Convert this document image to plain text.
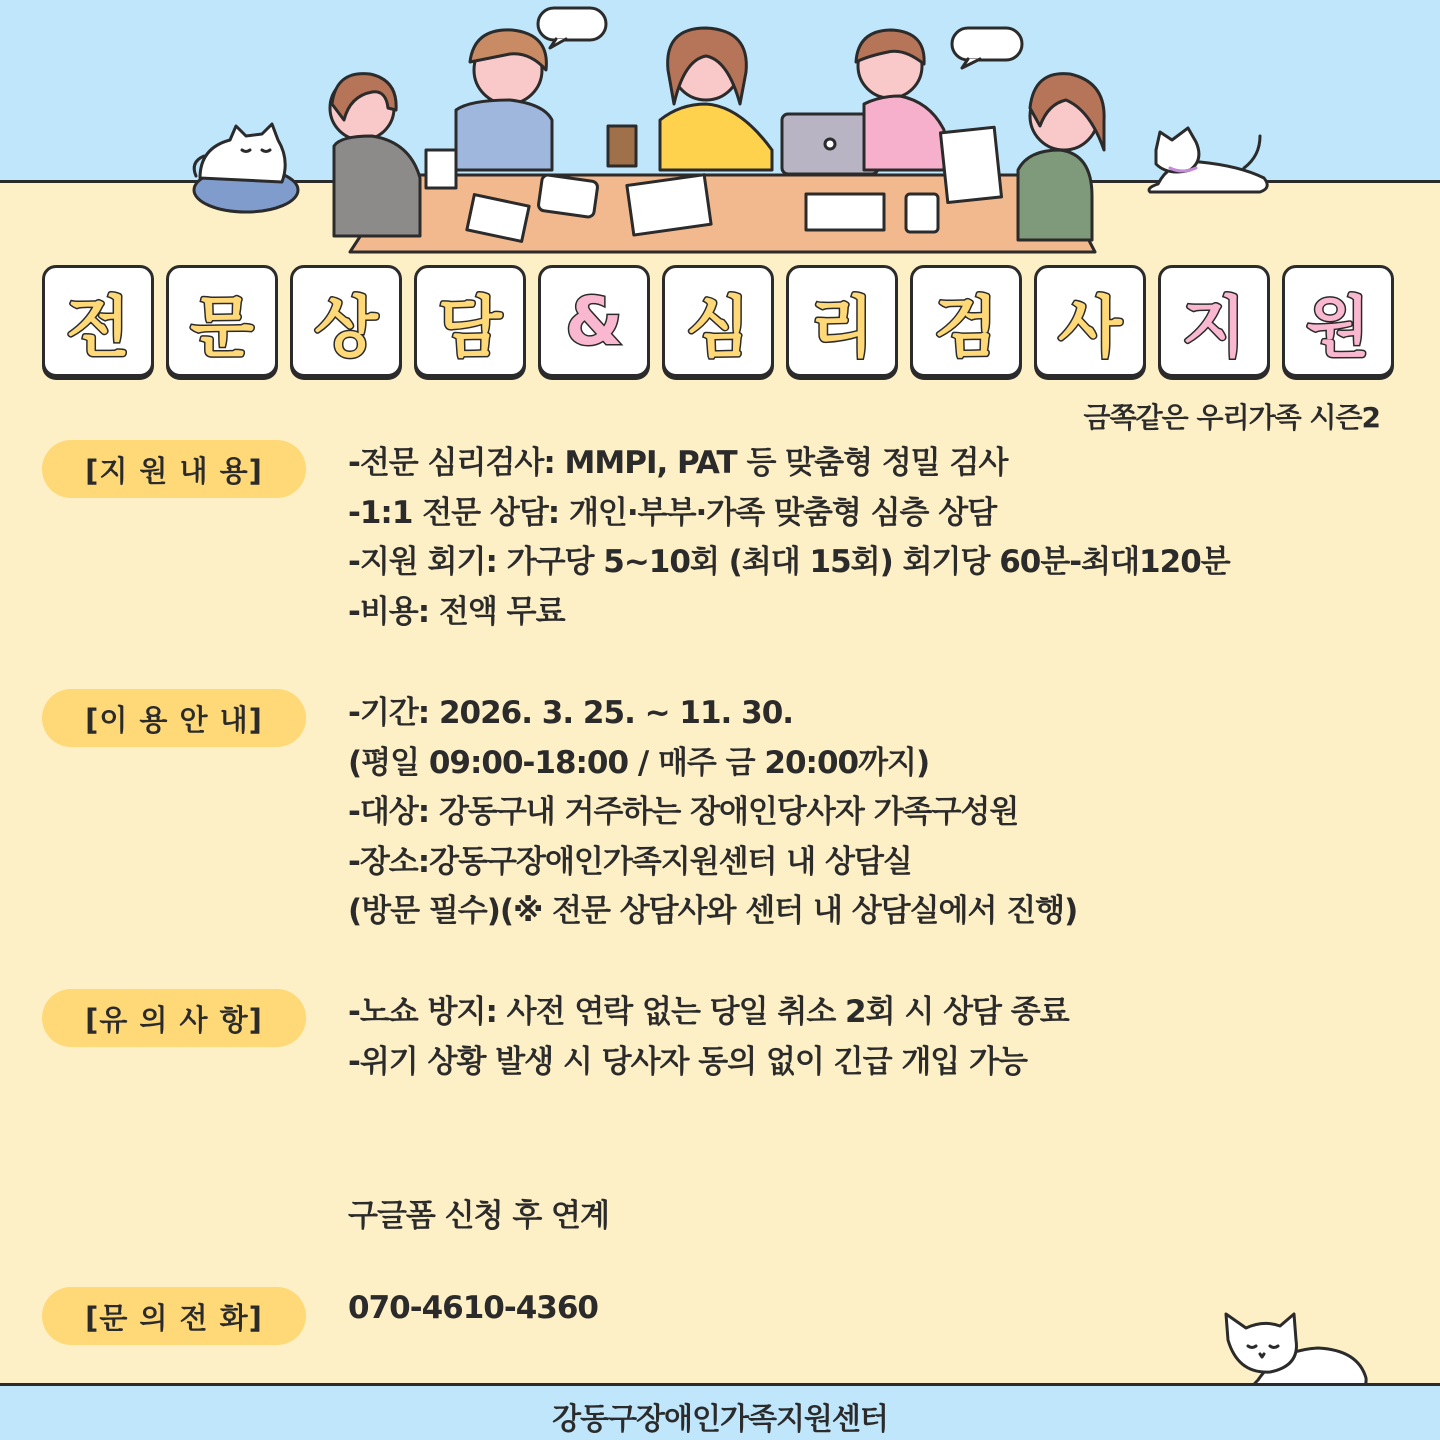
전 문 상 담 & 심 리 검 사 지 원
금쪽같은 우리가족 시즌2
[지 원 내 용]	-전문 심리검사: MMPI, PAT 등 맞춤형 정밀 검사
-1:1 전문 상담: 개인·부부·가족 맞춤형 심층 상담
-지원 회기: 가구당 5~10회 (최대 15회) 회기당 60분-최대120분
-비용: 전액 무료
[이 용 안 내]	-기간: 2026. 3. 25. ~ 11. 30.
(평일 09:00-18:00 / 매주 금 20:00까지)
-대상: 강동구내 거주하는 장애인당사자 가족구성원
-장소:강동구장애인가족지원센터 내 상담실
(방문 필수)(※ 전문 상담사와 센터 내 상담실에서 진행)
[유 의 사 항]	-노쇼 방지: 사전 연락 없는 당일 취소 2회 시 상담 종료
-위기 상황 발생 시 당사자 동의 없이 긴급 개입 가능
구글폼 신청 후 연계
[문 의 전 화]	070-4610-4360
강동구장애인가족지원센터
